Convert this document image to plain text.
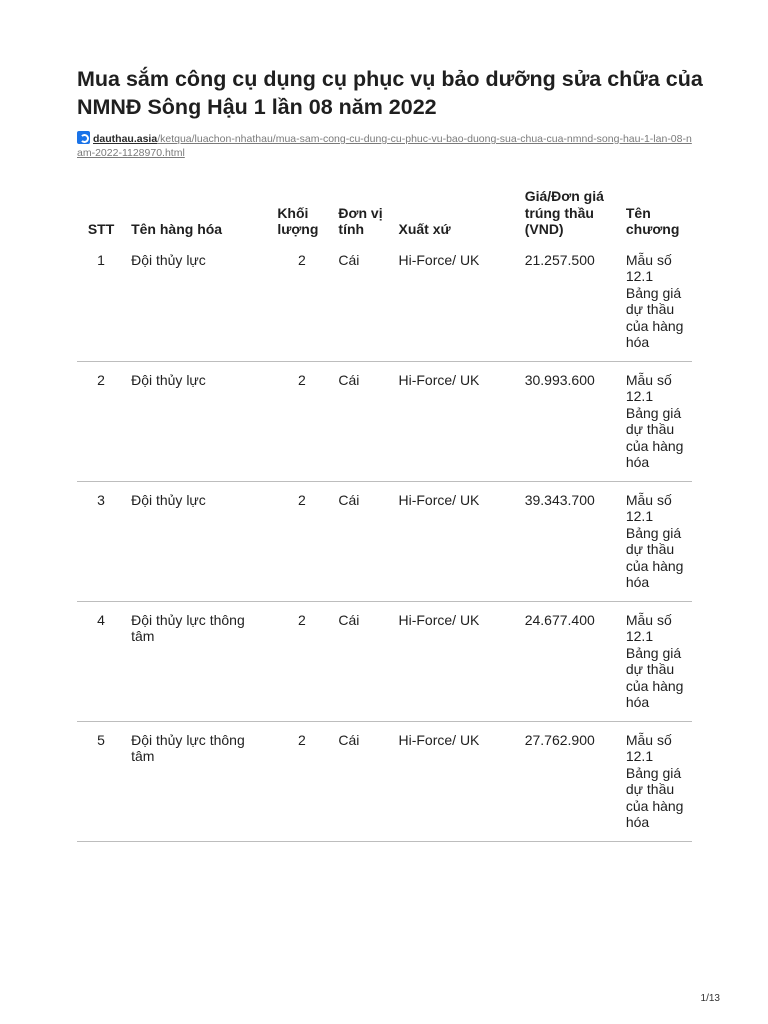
Mua sắm công cụ dụng cụ phục vụ bảo dưỡng sửa chữa của NMNĐ Sông Hậu 1 lần 08 năm 2022
dauthau.asia/ketqua/luachon-nhathau/mua-sam-cong-cu-dung-cu-phuc-vu-bao-duong-sua-chua-cua-nmnd-song-hau-1-lan-08-nam-2022-1128970.html
STT	Tên hàng hóa	Khối lượng	Đơn vị tính	Xuất xứ	Giá/Đơn giá trúng thầu (VND)	Tên chương
1	Đội thủy lực	2	Cái	Hi-Force/ UK	21.257.500	Mẫu số 12.1 Bảng giá dự thầu của hàng hóa
2	Đội thủy lực	2	Cái	Hi-Force/ UK	30.993.600	Mẫu số 12.1 Bảng giá dự thầu của hàng hóa
3	Đội thủy lực	2	Cái	Hi-Force/ UK	39.343.700	Mẫu số 12.1 Bảng giá dự thầu của hàng hóa
4	Đội thủy lực thông tâm	2	Cái	Hi-Force/ UK	24.677.400	Mẫu số 12.1 Bảng giá dự thầu của hàng hóa
5	Đội thủy lực thông tâm	2	Cái	Hi-Force/ UK	27.762.900	Mẫu số 12.1 Bảng giá dự thầu của hàng hóa
1/13
